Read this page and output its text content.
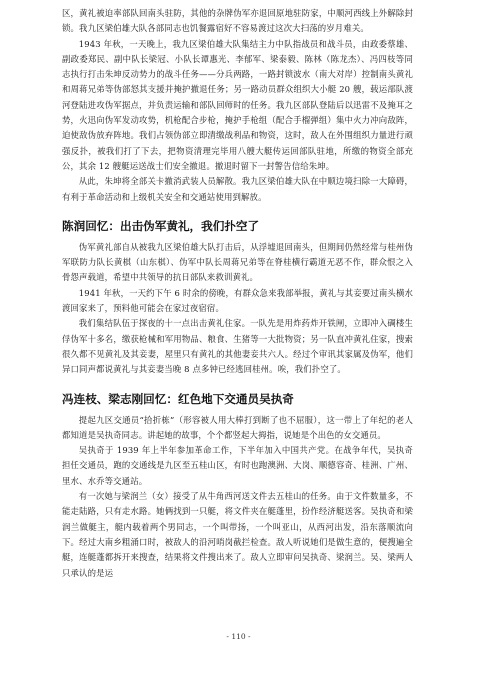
区，黄礼被迫率部队回南头驻防，其他的杂牌伪军亦退回原地驻防家，中顺河西线上外解除封锁。我九区梁伯雄大队各部同志也饥餐露宿好不容易渡过这次大扫荡的岁月难关。

1943 年秋，一天晚上，我九区梁伯雄大队集结主力中队指战员和战斗员，由政委蔡雄、副政委郑民、副中队长梁冠、小队长谭惠光、李郁军、梁泰毅、陈林（陈龙杰）、冯四枝等同志执行打击朱坤反动势力的战斗任务——分兵两路，一路封锁波水（南大对岸）控制南头黄礼和周蒋兄弟等伪部怒其支援并掩护撤退任务；另一路动员群众组织大小艇 20 艘，载运部队渡河登陆进攻伪军据点，并负责运输和部队回师时的任务。我九区部队登陆后以迅雷不及掩耳之势，火迅向伪军发动攻势，机枪配合步枪，掩护手枪组（配合手榴弹组）集中火力冲向敌阵，迫使敌伪放弃阵地。我们占领伪部立即清缴战利品和物资，这时，敌人在外围组织力量进行顽强反扑，被我们打了下去，把物资清理完毕用八艘大艇传运回部队驻地，所缴的物资全部充公，其余 12 艘艇运送战士们安全撤退。撤退时留下一封警告信给朱坤。

从此，朱坤将全部关卡撤消武装人员解散。我九区梁伯雄大队在中顺边境扫除一大障碍，有利于革命活动和上级机关安全和交通站使用到解放。

陈润回忆：出击伪军黄礼，我们扑空了

伪军黄礼部自从被我九区梁伯雄大队打击后，从浮墟退回南头，但期间仍然经常与桂州伪军联防力队长黄棋（山东棋）、伪军中队长周蒋兄弟等在脊桂横行霸道无恶不作，群众恨之入骨怨声载道，希望中共领导的抗日部队来救训黄礼。

1941 年秋，一天约下午 6 时余的傍晚，有群众急来我部举报，黄礼与其妾要过南头横水渡回家来了，预料他可能会在家过夜宿宿。

我们集结队伍于探夜的十一点出击黄礼住家。一队先是用炸药炸开铁闸，立即冲入碉楼生俘伪军十多名，缴获枪械和军用物品、粮食、生猪等一大批物资；另一队直冲黄礼住家，搜索很久都不见黄礼及其妾妻，屋里只有黄礼的其他妻妾共六人。经过个审讯其家属及伪军，他们异口同声都说黄礼与其妾妻当晚 8 点多钟已经逃回桂州。唉，我们扑空了。

冯连枝、梁志刚回忆：红色地下交通员吴执奇

提起九区交通员“拾折栋”（形容被人用大棒打到断了也不屈服），这一带上了年纪的老人都知道是吴执奇同志。讲起她的故事，个个都竖起大拇指，说她是个出色的女交通员。

吴执奇于 1939 年上半年参加革命工作，下半年加入中国共产党。在战争年代，吴执奇担任交通员，跑的交通线是九区至五桂山区，有时也跑澳洲、大岗、顺德容奇、桂洲、广州、里水、水乔等交通站。

有一次她与梁润兰（女）接受了从牛角西河送文件去五桂山的任务。由于文件数量多，不能走陆路，只有走水路。她俩找到一只艇，将文件夹在艇蓬里，扮作经济艇送客。吴执奇和梁润兰做艇主，艇内载着两个男同志，一个叫带扬，一个叫亚山，从西河出发，沿东落顺流向下。经过大南乡粗涌口时，被敌人的沿河哨岗截拦检查。敌人听说她们是做生意的，便搜遍全艇，连艇蓬都拆开来搜查，结果将文件搜出来了。敌人立即审问吴执奇、梁润兰。吴、梁两人只承认的是运

- 110 -
